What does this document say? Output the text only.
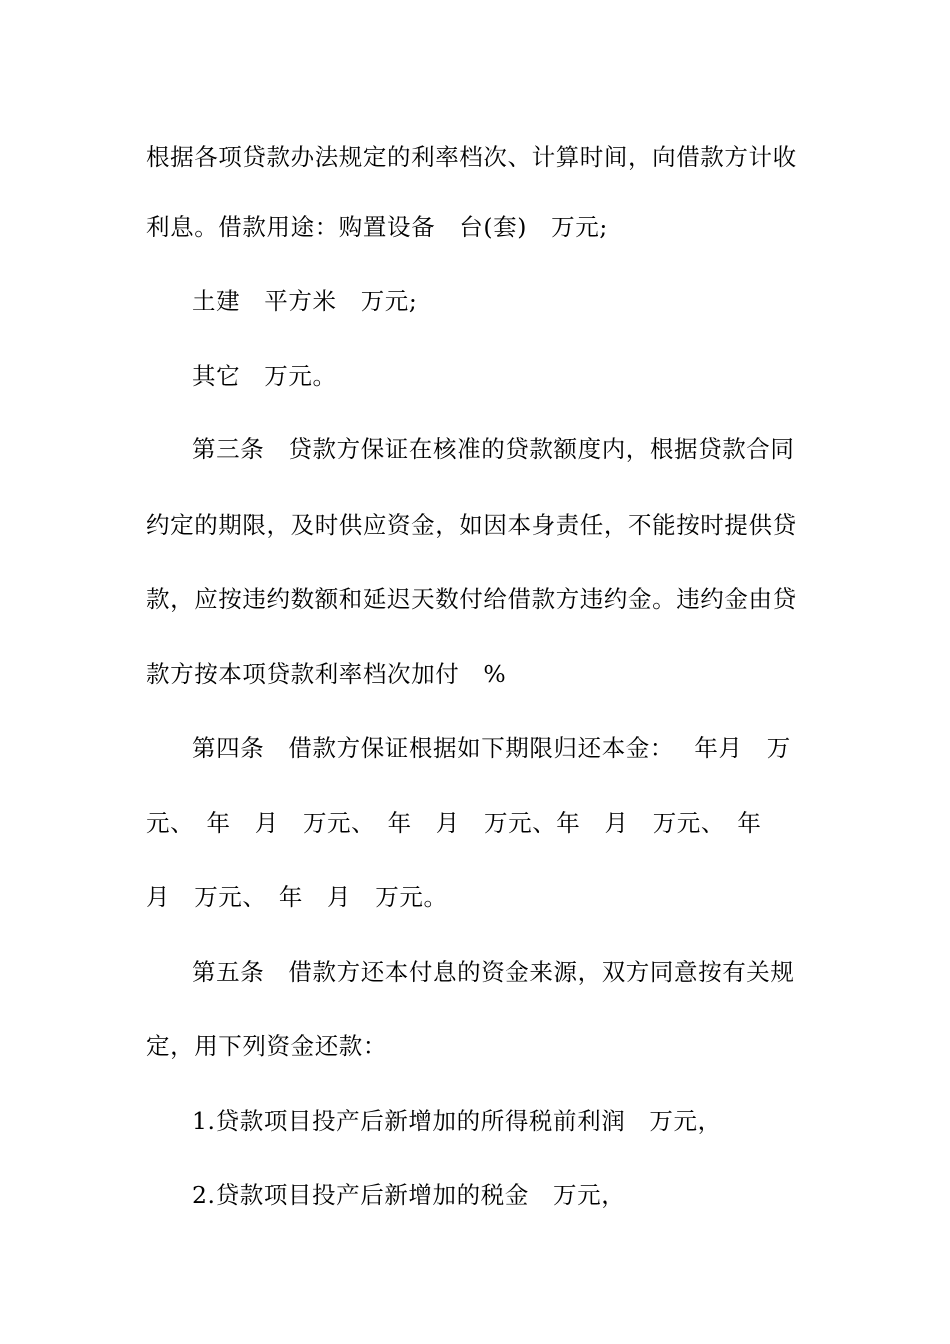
根据各项贷款办法规定的利率档次、计算时间，向借款方计收
利息。借款用途：购置设备　台(套)　万元;
土建　平方米　万元;
其它　万元。
第三条　贷款方保证在核准的贷款额度内，根据贷款合同
约定的期限，及时供应资金，如因本身责任，不能按时提供贷
款，应按违约数额和延迟天数付给借款方违约金。违约金由贷
款方按本项贷款利率档次加付　%
第四条　借款方保证根据如下期限归还本金：　 年月　万
元、　年　月　万元、　年　月　万元、年　月　万元、　年
月　万元、　年　月　万元。
第五条　借款方还本付息的资金来源，双方同意按有关规
定，用下列资金还款：
1.贷款项目投产后新增加的所得税前利润　万元，
2.贷款项目投产后新增加的税金　万元，
